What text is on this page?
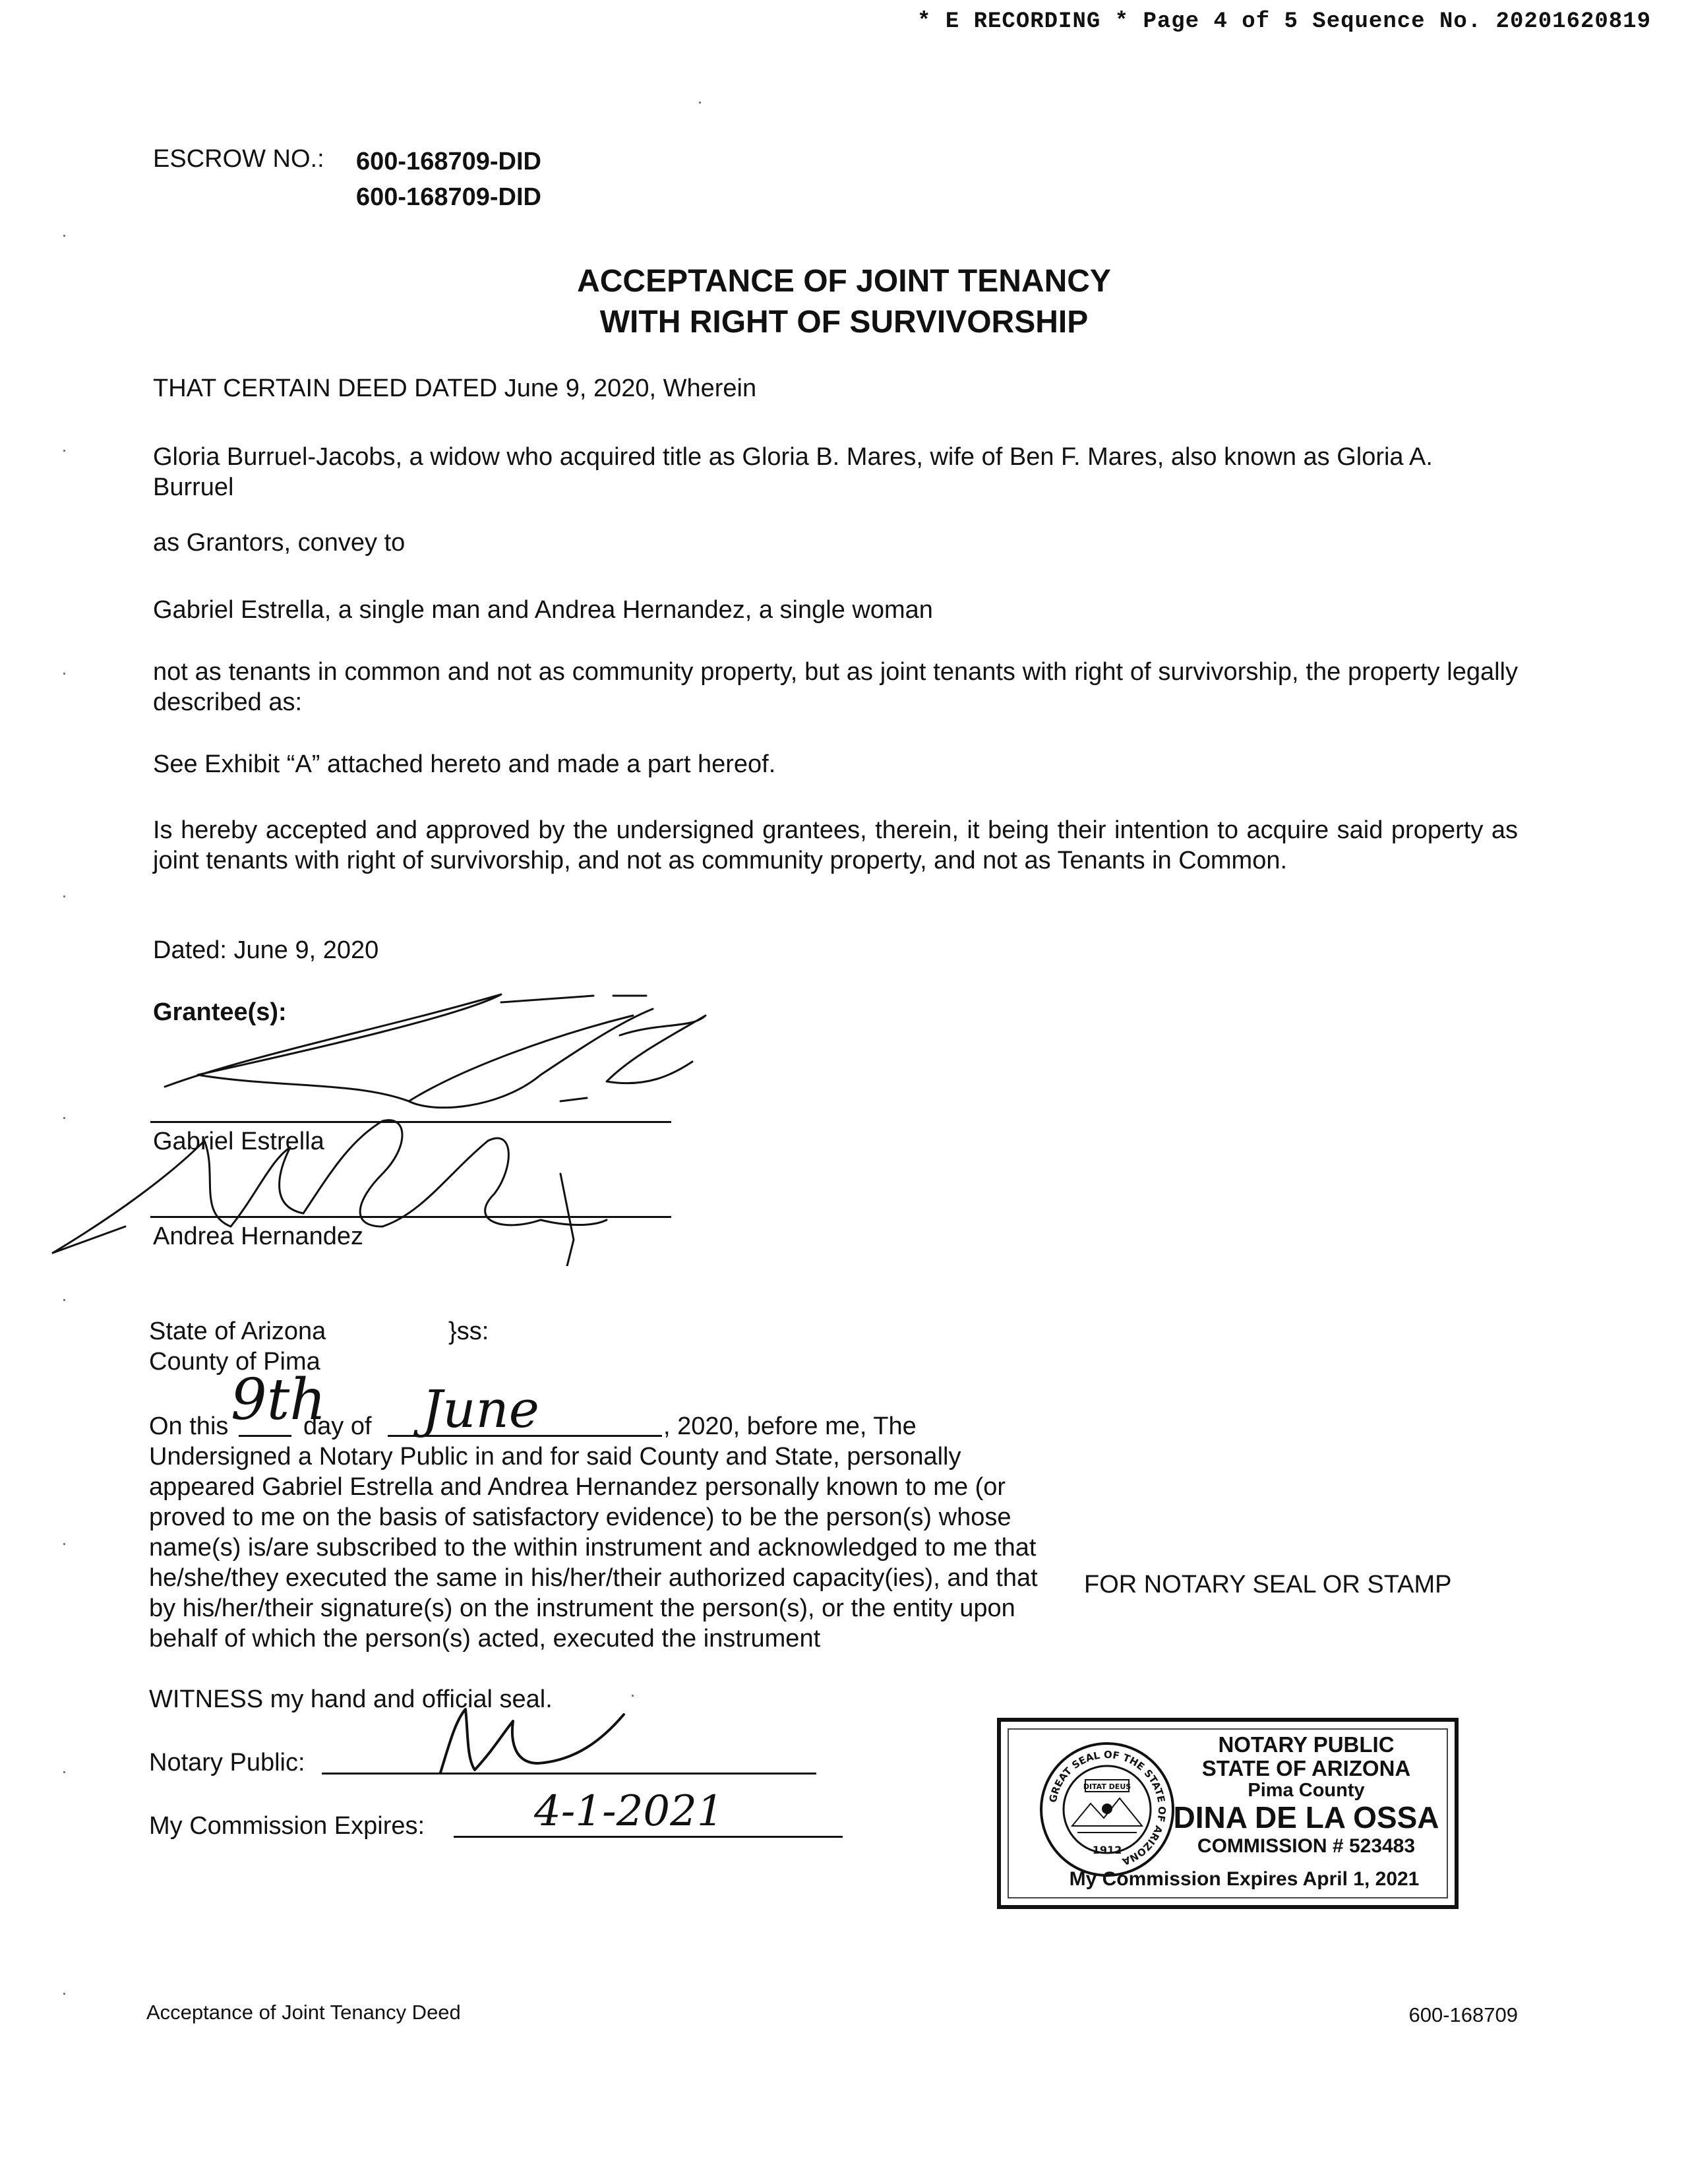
* E RECORDING * Page 4 of 5 Sequence No. 20201620819
ESCROW NO.: 600-168709-DID
600-168709-DID
ACCEPTANCE OF JOINT TENANCY
WITH RIGHT OF SURVIVORSHIP
THAT CERTAIN DEED DATED June 9, 2020, Wherein
Gloria Burruel-Jacobs, a widow who acquired title as Gloria B. Mares, wife of Ben F. Mares, also known as Gloria A. Burruel
as Grantors, convey to
Gabriel Estrella, a single man and Andrea Hernandez, a single woman
not as tenants in common and not as community property, but as joint tenants with right of survivorship, the property legally described as:
See Exhibit “A” attached hereto and made a part hereof.
Is hereby accepted and approved by the undersigned grantees, therein, it being their intention to acquire said property as joint tenants with right of survivorship, and not as community property, and not as Tenants in Common.
Dated: June 9, 2020
Grantee(s):
Gabriel Estrella
Andrea Hernandez
State of Arizona	}ss:
County of Pima
On this 9th
day of June	, 2020, before me, The
Undersigned a Notary Public in and for said County and State, personally appeared Gabriel Estrella and Andrea Hernandez personally known to me (or proved to me on the basis of satisfactory evidence) to be the person(s) whose name(s) is/are subscribed to the within instrument and acknowledged to me that he/she/they executed the same in his/her/their authorized capacity(ies), and that by his/her/their signature(s) on the instrument the person(s), or the entity upon behalf of which the person(s) acted, executed the instrument
WITNESS my hand and official seal.
Notary Public:
My Commission Expires:	4-1-2021
FOR NOTARY SEAL OR STAMP
GREAT SEAL OF THE STATE OF ARIZONA
DITAT DEUS
1912
NOTARY PUBLIC
STATE OF ARIZONA
Pima County
DINA DE LA OSSA
COMMISSION # 523483
My Commission Expires April 1, 2021
Acceptance of Joint Tenancy Deed	600-168709
